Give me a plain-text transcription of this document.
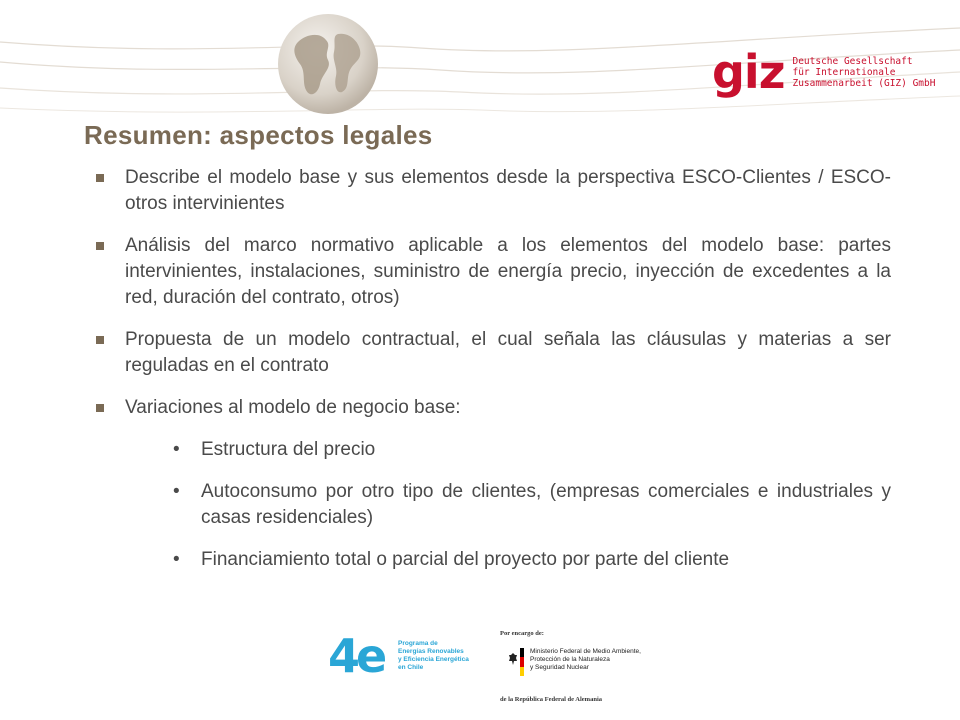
giz Deutsche Gesellschaft
für Internationale
Zusammenarbeit (GIZ) GmbH
Resumen: aspectos legales
Describe el modelo base y sus elementos desde la perspectiva ESCO-Clientes / ESCO-otros intervinientes
Análisis del marco normativo aplicable a los elementos del modelo base: partes intervinientes, instalaciones, suministro de energía precio, inyección de excedentes a la red, duración del contrato, otros)
Propuesta de un modelo contractual, el cual señala las cláusulas y materias a ser reguladas en el contrato
Variaciones al modelo de negocio base:
• Estructura del precio
• Autoconsumo por otro tipo de clientes, (empresas comerciales e industriales y casas residenciales)
• Financiamiento total o parcial del proyecto por parte del cliente
4e Programa de
Energías Renovables
y Eficiencia Energética
en Chile
Por encargo de:
Ministerio Federal de Medio Ambiente,
Protección de la Naturaleza
y Seguridad Nuclear
de la República Federal de Alemania
